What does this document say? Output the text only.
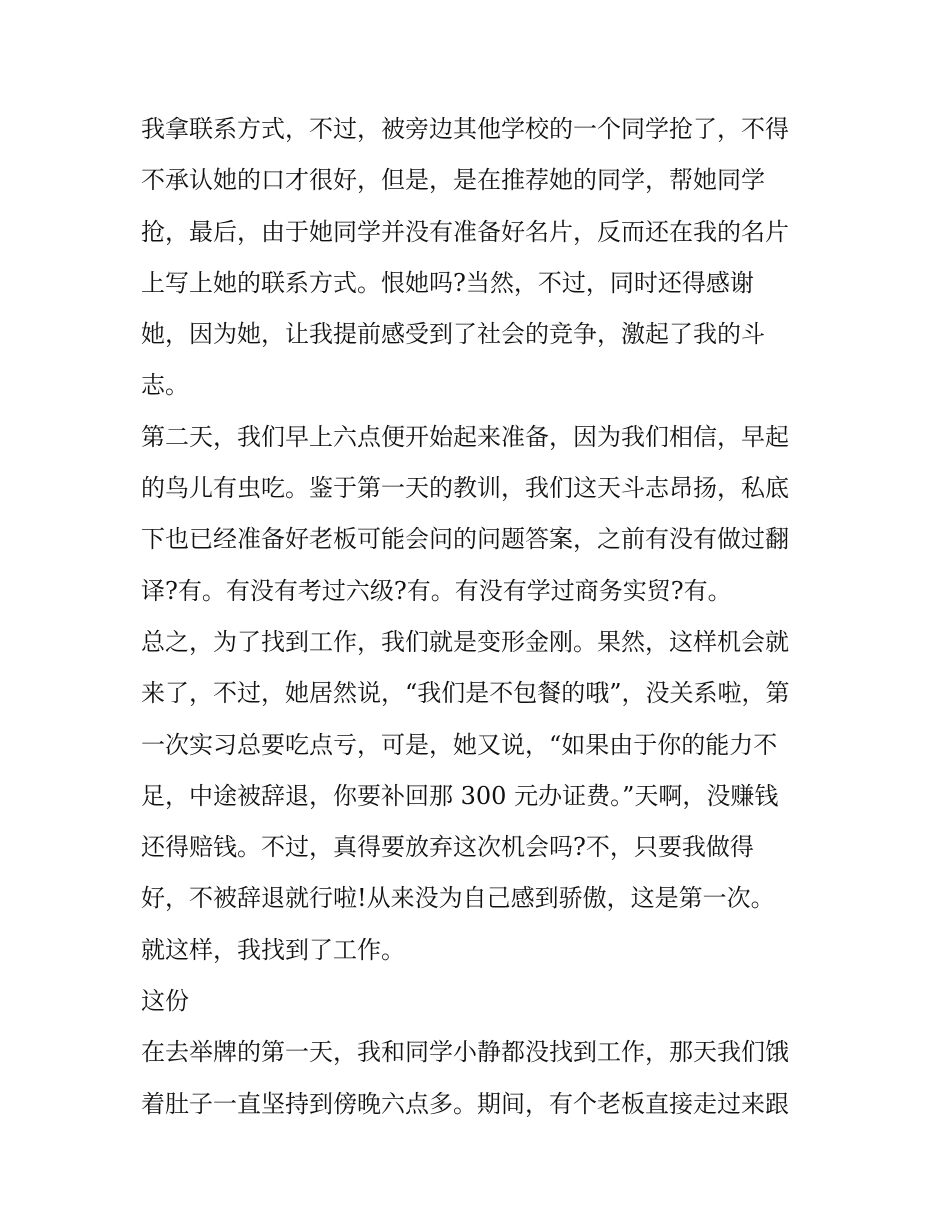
我拿联系方式，不过，被旁边其他学校的一个同学抢了，不得
不承认她的口才很好，但是，是在推荐她的同学，帮她同学
抢，最后，由于她同学并没有准备好名片，反而还在我的名片
上写上她的联系方式。恨她吗?当然，不过，同时还得感谢
她，因为她，让我提前感受到了社会的竞争，激起了我的斗
志。
第二天，我们早上六点便开始起来准备，因为我们相信，早起
的鸟儿有虫吃。鉴于第一天的教训，我们这天斗志昂扬，私底
下也已经准备好老板可能会问的问题答案，之前有没有做过翻
译?有。有没有考过六级?有。有没有学过商务实贸?有。
总之，为了找到工作，我们就是变形金刚。果然，这样机会就
来了，不过，她居然说，“我们是不包餐的哦”，没关系啦，第
一次实习总要吃点亏，可是，她又说，“如果由于你的能力不
足，中途被辞退，你要补回那 300 元办证费。”天啊，没赚钱
还得赔钱。不过，真得要放弃这次机会吗?不，只要我做得
好，不被辞退就行啦!从来没为自己感到骄傲，这是第一次。
就这样，我找到了工作。
这份
在去举牌的第一天，我和同学小静都没找到工作，那天我们饿
着肚子一直坚持到傍晚六点多。期间，有个老板直接走过来跟
